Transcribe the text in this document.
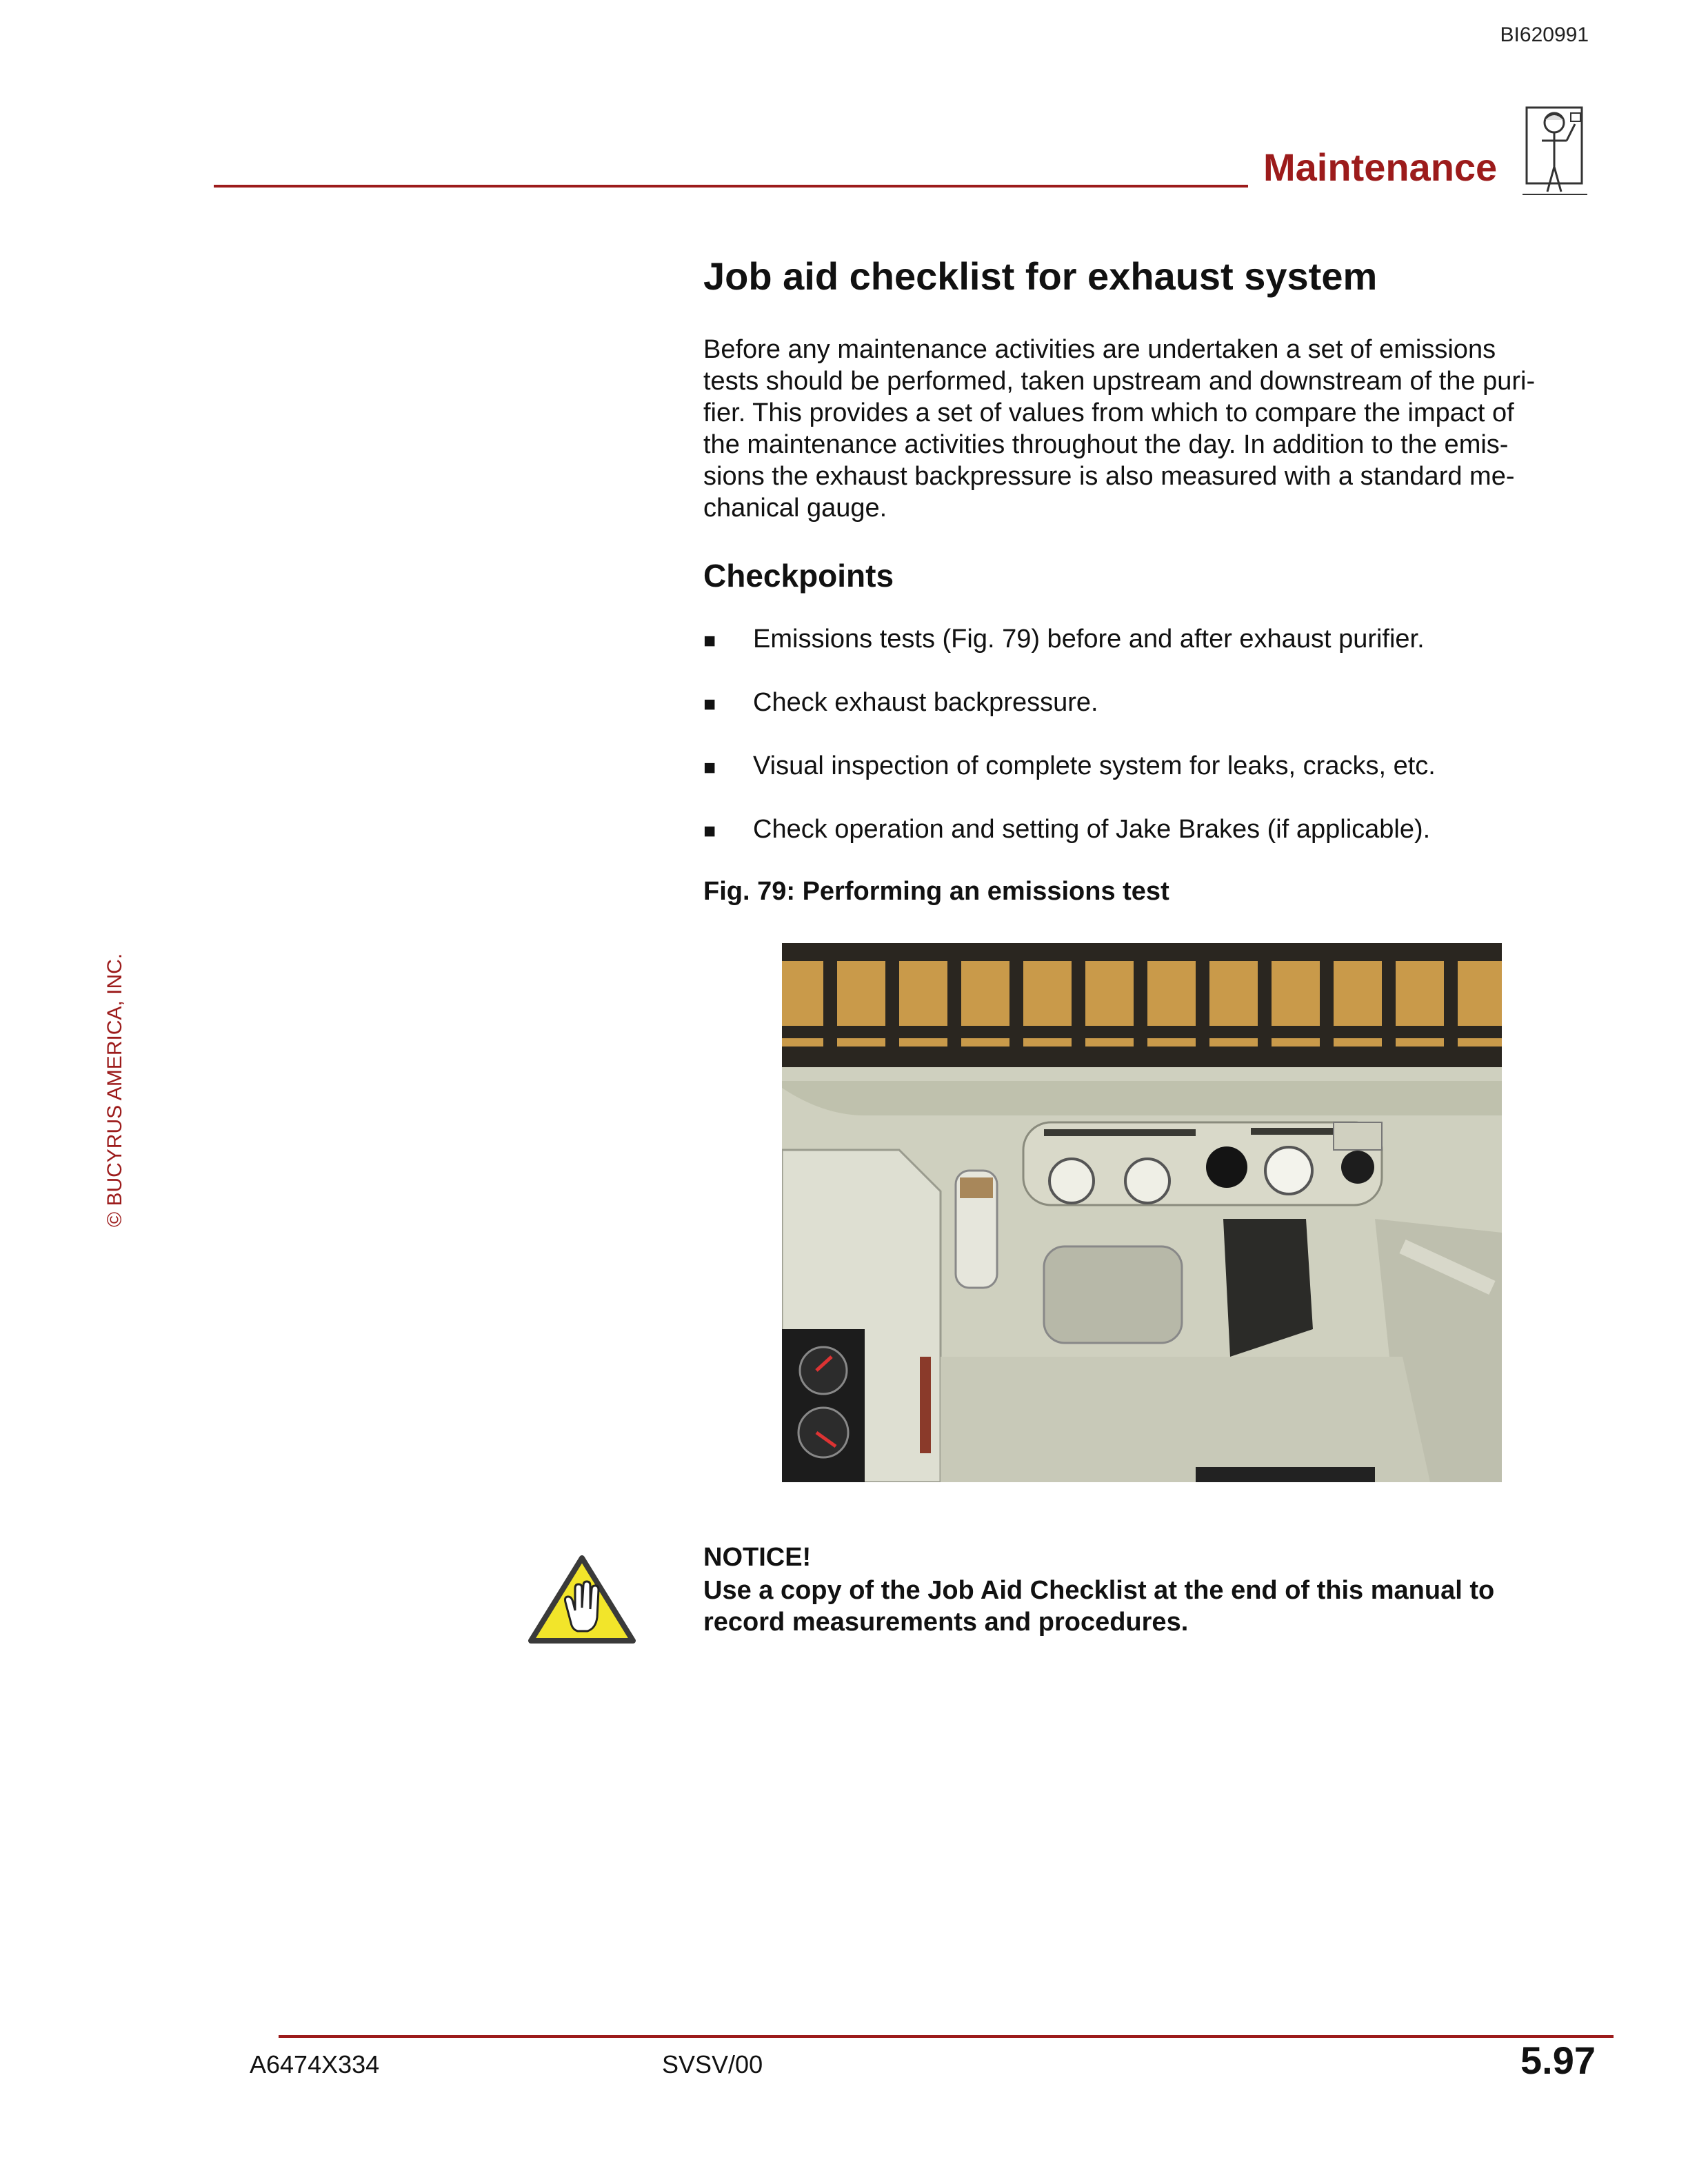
BI620991
Maintenance
Job aid checklist for exhaust system
Before any maintenance activities are undertaken a set of emissions
tests should be performed, taken upstream and downstream of the puri-
fier. This provides a set of values from which to compare the impact of
the maintenance activities throughout the day. In addition to the emis-
sions the exhaust backpressure is also measured with a standard me-
chanical gauge.
Checkpoints
■ Emissions tests (Fig. 79) before and after exhaust purifier.
■ Check exhaust backpressure.
■ Visual inspection of complete system for leaks, cracks, etc.
■ Check operation and setting of Jake Brakes (if applicable).
Fig. 79: Performing an emissions test
NOTICE!
Use a copy of the Job Aid Checklist at the end of this manual to
record measurements and procedures.
© BUCYRUS AMERICA, INC.
A6474X334	SVSV/00	5.97
